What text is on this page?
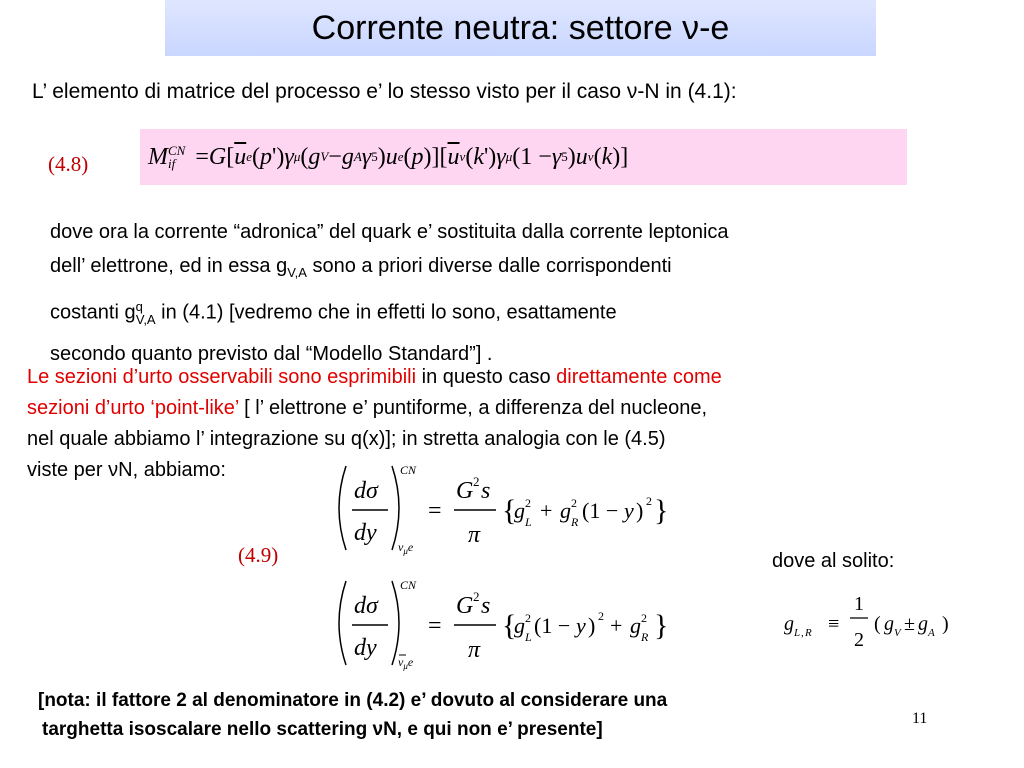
Corrente neutra: settore ν-e
L’ elemento di matrice del processo e’ lo stesso visto per il caso ν-N in (4.1):
(4.8) M CN
if = G [ $\overline{u}$ e ( p ') γ μ ( g V − g A γ 5 ) u e ( p )][ $\overline{u}$ ν ( k ') γ μ (1 − γ 5 ) u ν ( k )]
dove ora la corrente “adronica” del quark e’ sostituita dalla corrente leptonica
dell’ elettrone, ed in essa $g_{V,A}$ sono a priori diverse dalle corrispondenti
costanti $g^q_{V,A}$ in (4.1) [vedremo che in effetti lo sono, esattamente
secondo quanto previsto dal “Modello Standard”] .
Le sezioni d’urto osservabili sono esprimibili in questo caso direttamente come
sezioni d’urto ‘point-like’ [ l’ elettrone e’ puntiforme, a differenza del nucleone,
nel quale abbiamo l’ integrazione su q(x)]; in stretta analogia con le (4.5)
viste per νN, abbiamo:
(4.9)
dσ
dy
CN
$\nu_\mu e$
=
G 2 s
π
{
g 2
L + g 2
R (1 − y ) 2 }
dσ
dy
CN
$\nu_\mu e$
=
G 2 s
π
{
g 2
L (1 − y ) 2 + g 2
R }
dove al solito:
g L , R ≡
1
2
( g V ± g A )
[nota: il fattore 2 al denominatore in (4.2) e’ dovuto al considerare una
targhetta isoscalare nello scattering νN, e qui non e’ presente]
11
